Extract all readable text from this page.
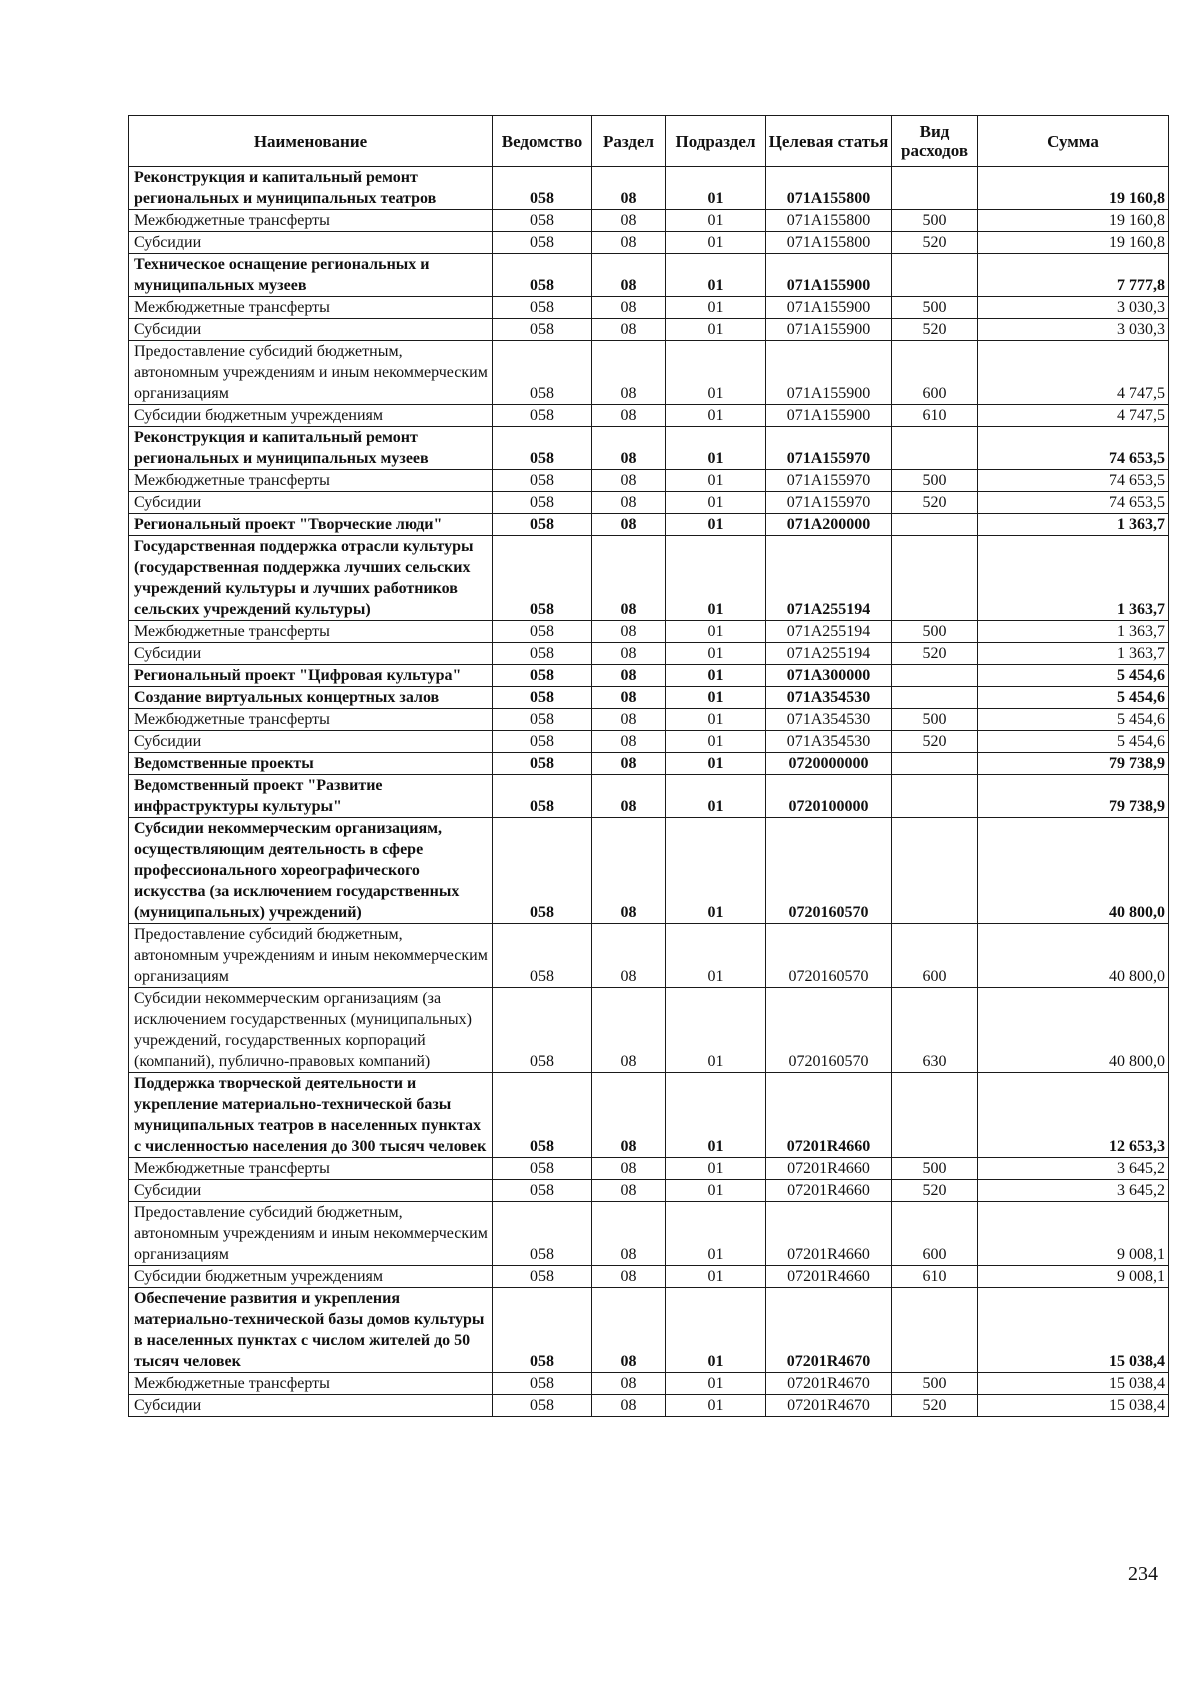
Наименование	Ведомство	Раздел	Подраздел	Целевая статья	Вид расходов	Сумма
Реконструкция и капитальный ремонт региональных и муниципальных театров	058	08	01	071A155800		19 160,8
Межбюджетные трансферты	058	08	01	071A155800	500	19 160,8
Субсидии	058	08	01	071A155800	520	19 160,8
Техническое оснащение региональных и муниципальных музеев	058	08	01	071A155900		7 777,8
Межбюджетные трансферты	058	08	01	071A155900	500	3 030,3
Субсидии	058	08	01	071A155900	520	3 030,3
Предоставление субсидий бюджетным, автономным учреждениям и иным некоммерческим организациям	058	08	01	071A155900	600	4 747,5
Субсидии бюджетным учреждениям	058	08	01	071A155900	610	4 747,5
Реконструкция и капитальный ремонт региональных и муниципальных музеев	058	08	01	071A155970		74 653,5
Межбюджетные трансферты	058	08	01	071A155970	500	74 653,5
Субсидии	058	08	01	071A155970	520	74 653,5
Региональный проект "Творческие люди"	058	08	01	071A200000		1 363,7
Государственная поддержка отрасли культуры (государственная поддержка лучших сельских учреждений культуры и лучших работников сельских учреждений культуры)	058	08	01	071A255194		1 363,7
Межбюджетные трансферты	058	08	01	071A255194	500	1 363,7
Субсидии	058	08	01	071A255194	520	1 363,7
Региональный проект "Цифровая культура"	058	08	01	071A300000		5 454,6
Создание виртуальных концертных залов	058	08	01	071A354530		5 454,6
Межбюджетные трансферты	058	08	01	071A354530	500	5 454,6
Субсидии	058	08	01	071A354530	520	5 454,6
Ведомственные проекты	058	08	01	0720000000		79 738,9
Ведомственный проект "Развитие инфраструктуры культуры"	058	08	01	0720100000		79 738,9
Субсидии некоммерческим организациям, осуществляющим деятельность в сфере профессионального хореографического искусства (за исключением государственных (муниципальных) учреждений)	058	08	01	0720160570		40 800,0
Предоставление субсидий бюджетным, автономным учреждениям и иным некоммерческим организациям	058	08	01	0720160570	600	40 800,0
Субсидии некоммерческим организациям (за исключением государственных (муниципальных) учреждений, государственных корпораций (компаний), публично-правовых компаний)	058	08	01	0720160570	630	40 800,0
Поддержка творческой деятельности и укрепление материально-технической базы муниципальных театров в населенных пунктах с численностью населения до 300 тысяч человек	058	08	01	07201R4660		12 653,3
Межбюджетные трансферты	058	08	01	07201R4660	500	3 645,2
Субсидии	058	08	01	07201R4660	520	3 645,2
Предоставление субсидий бюджетным, автономным учреждениям и иным некоммерческим организациям	058	08	01	07201R4660	600	9 008,1
Субсидии бюджетным учреждениям	058	08	01	07201R4660	610	9 008,1
Обеспечение развития и укрепления материально-технической базы домов культуры в населенных пунктах с числом жителей до 50 тысяч человек	058	08	01	07201R4670		15 038,4
Межбюджетные трансферты	058	08	01	07201R4670	500	15 038,4
Субсидии	058	08	01	07201R4670	520	15 038,4
234
